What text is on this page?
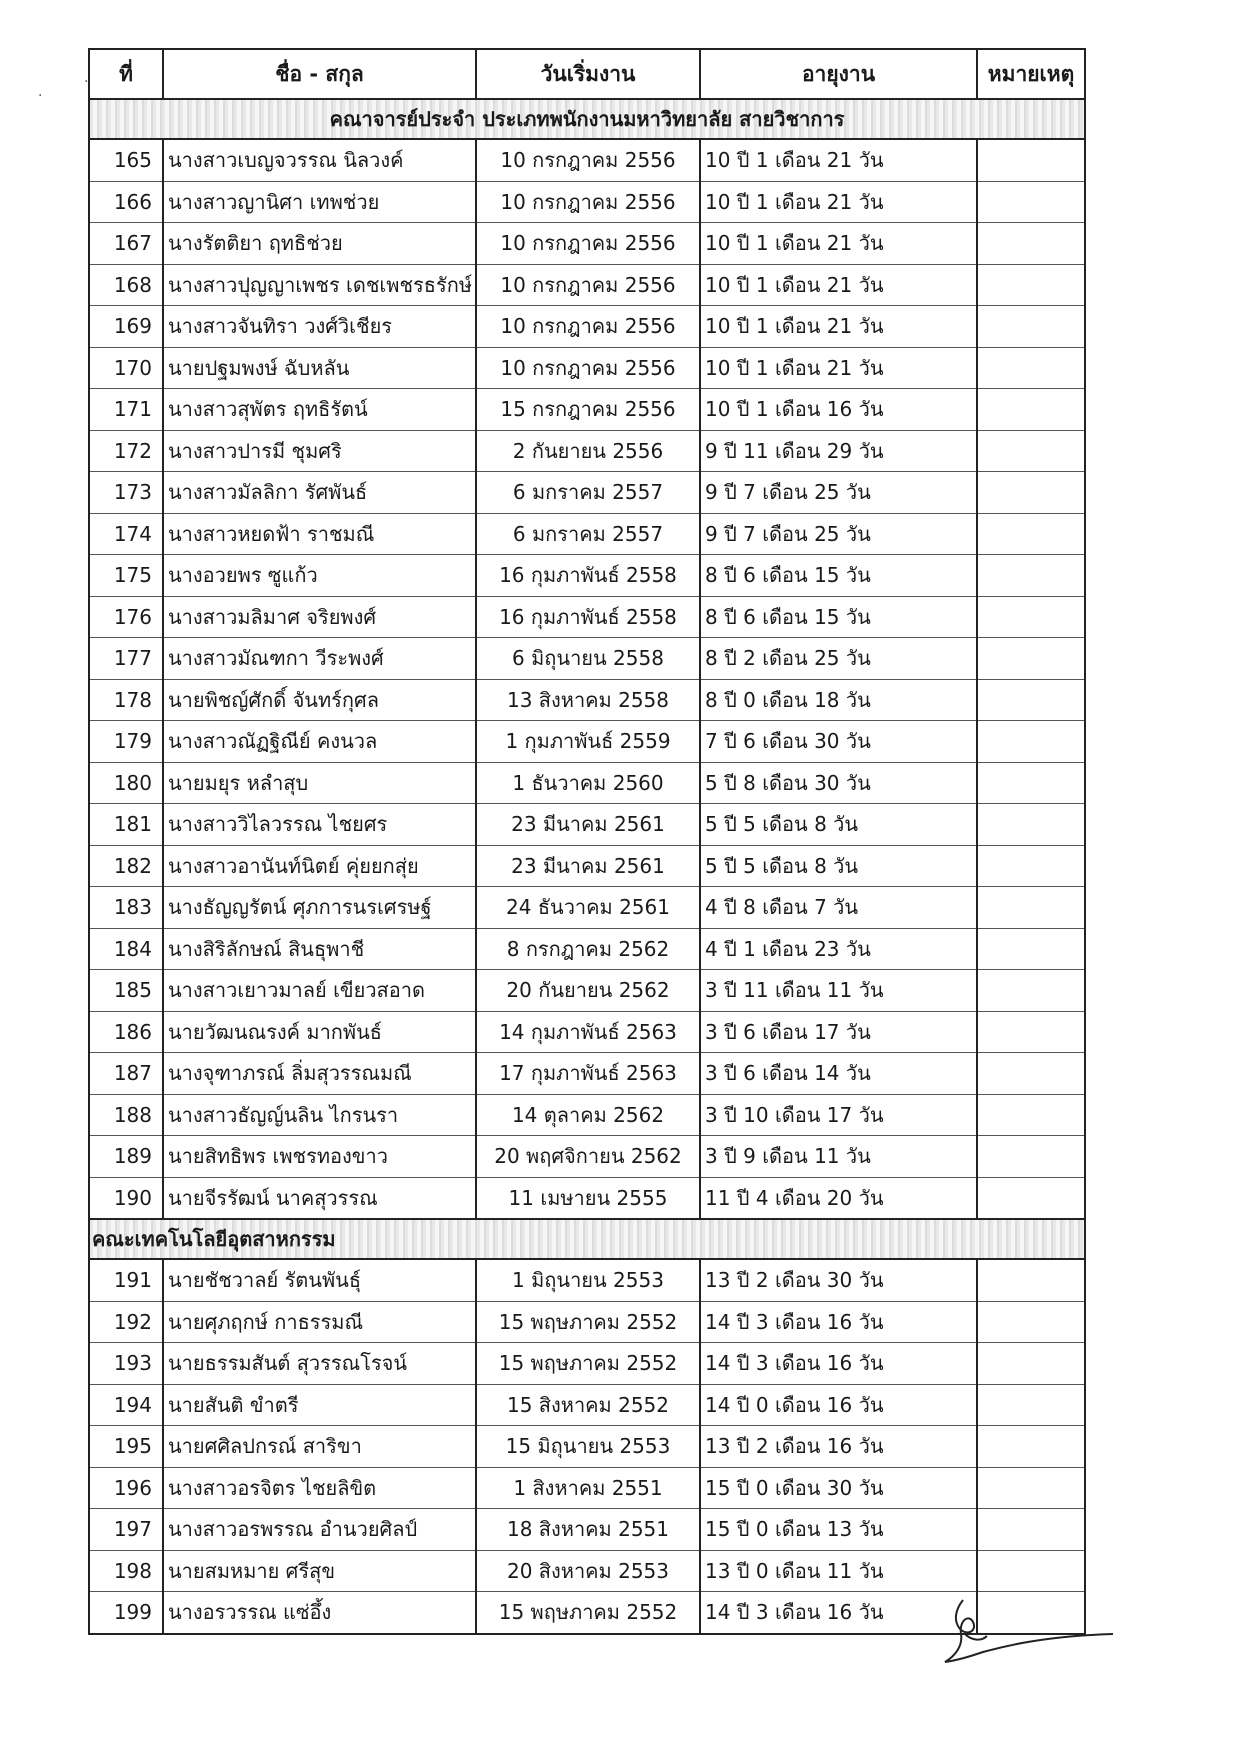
.
·
ที่	ชื่อ - สกุล	วันเริ่มงาน	อายุงาน	หมายเหตุ
คณาจารย์ประจำ ประเภทพนักงานมหาวิทยาลัย สายวิชาการ				
165	นางสาวเบญจวรรณ นิลวงค์	10 กรกฎาคม 2556	10 ปี 1 เดือน 21 วัน	
166	นางสาวญานิศา เทพช่วย	10 กรกฎาคม 2556	10 ปี 1 เดือน 21 วัน	
167	นางรัตติยา ฤทธิช่วย	10 กรกฎาคม 2556	10 ปี 1 เดือน 21 วัน	
168	นางสาวปุญญาเพชร เดชเพชรธรักษ์	10 กรกฎาคม 2556	10 ปี 1 เดือน 21 วัน	
169	นางสาวจันทิรา วงศ์วิเชียร	10 กรกฎาคม 2556	10 ปี 1 เดือน 21 วัน	
170	นายปฐมพงษ์ ฉับหลัน	10 กรกฎาคม 2556	10 ปี 1 เดือน 21 วัน	
171	นางสาวสุพัตร ฤทธิรัตน์	15 กรกฎาคม 2556	10 ปี 1 เดือน 16 วัน	
172	นางสาวปารมี ชุมศริ	2 กันยายน 2556	9 ปี 11 เดือน 29 วัน	
173	นางสาวมัลลิกา รัศพันธ์	6 มกราคม 2557	9 ปี 7 เดือน 25 วัน	
174	นางสาวหยดฟ้า ราชมณี	6 มกราคม 2557	9 ปี 7 เดือน 25 วัน	
175	นางอวยพร ซูแก้ว	16 กุมภาพันธ์ 2558	8 ปี 6 เดือน 15 วัน	
176	นางสาวมลิมาศ จริยพงศ์	16 กุมภาพันธ์ 2558	8 ปี 6 เดือน 15 วัน	
177	นางสาวมัณฑกา วีระพงศ์	6 มิถุนายน 2558	8 ปี 2 เดือน 25 วัน	
178	นายพิชญ์ศักดิ์ จันทร์กุศล	13 สิงหาคม 2558	8 ปี 0 เดือน 18 วัน	
179	นางสาวณัฏฐิณีย์ คงนวล	1 กุมภาพันธ์ 2559	7 ปี 6 เดือน 30 วัน	
180	นายมยุร หลำสุบ	1 ธันวาคม 2560	5 ปี 8 เดือน 30 วัน	
181	นางสาววิไลวรรณ ไชยศร	23 มีนาคม 2561	5 ปี 5 เดือน 8 วัน	
182	นางสาวอานันท์นิตย์ คุ่ยยกสุ่ย	23 มีนาคม 2561	5 ปี 5 เดือน 8 วัน	
183	นางธัญญรัตน์ ศุภการนรเศรษฐ์	24 ธันวาคม 2561	4 ปี 8 เดือน 7 วัน	
184	นางสิริลักษณ์ สินธุพาชี	8 กรกฎาคม 2562	4 ปี 1 เดือน 23 วัน	
185	นางสาวเยาวมาลย์ เขียวสอาด	20 กันยายน 2562	3 ปี 11 เดือน 11 วัน	
186	นายวัฒนณรงค์ มากพันธ์	14 กุมภาพันธ์ 2563	3 ปี 6 เดือน 17 วัน	
187	นางจุฑาภรณ์ ลิ่มสุวรรณมณี	17 กุมภาพันธ์ 2563	3 ปี 6 เดือน 14 วัน	
188	นางสาวธัญญ์นลิน ไกรนรา	14 ตุลาคม 2562	3 ปี 10 เดือน 17 วัน	
189	นายสิทธิพร เพชรทองขาว	20 พฤศจิกายน 2562	3 ปี 9 เดือน 11 วัน	
190	นายจีรรัฒน์ นาคสุวรรณ	11 เมษายน 2555	11 ปี 4 เดือน 20 วัน	
คณะเทคโนโลยีอุตสาหกรรม				
191	นายชัชวาลย์ รัตนพันธุ์	1 มิถุนายน 2553	13 ปี 2 เดือน 30 วัน	
192	นายศุภฤกษ์ กาธรรมณี	15 พฤษภาคม 2552	14 ปี 3 เดือน 16 วัน	
193	นายธรรมสันต์ สุวรรณโรจน์	15 พฤษภาคม 2552	14 ปี 3 เดือน 16 วัน	
194	นายสันติ ขำตรี	15 สิงหาคม 2552	14 ปี 0 เดือน 16 วัน	
195	นายศศิลปกรณ์ สาริขา	15 มิถุนายน 2553	13 ปี 2 เดือน 16 วัน	
196	นางสาวอรจิตร ไชยลิขิต	1 สิงหาคม 2551	15 ปี 0 เดือน 30 วัน	
197	นางสาวอรพรรณ อำนวยศิลป์	18 สิงหาคม 2551	15 ปี 0 เดือน 13 วัน	
198	นายสมหมาย ศรีสุข	20 สิงหาคม 2553	13 ปี 0 เดือน 11 วัน	
199	นางอรวรรณ แซ่อึ้ง	15 พฤษภาคม 2552	14 ปี 3 เดือน 16 วัน	
